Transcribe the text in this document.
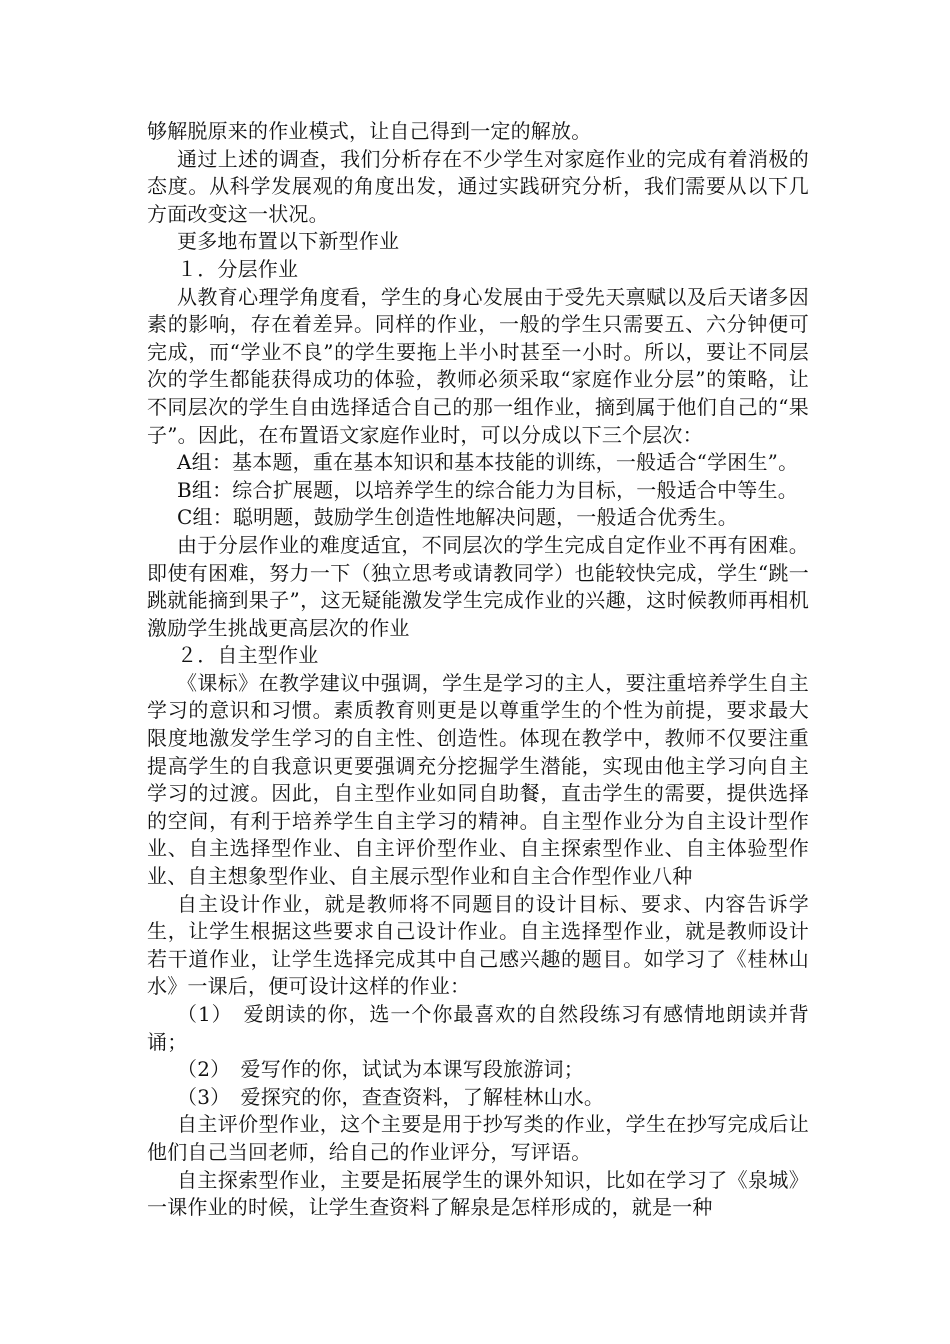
够解脱原来的作业模式，让自己得到一定的解放。

通过上述的调查，我们分析存在不少学生对家庭作业的完成有着消极的态度。从科学发展观的角度出发，通过实践研究分析，我们需要从以下几方面改变这一状况。

更多地布置以下新型作业

１．分层作业

从教育心理学角度看，学生的身心发展由于受先天禀赋以及后天诸多因素的影响，存在着差异。同样的作业，一般的学生只需要五、六分钟便可完成，而“学业不良”的学生要拖上半小时甚至一小时。所以，要让不同层次的学生都能获得成功的体验，教师必须采取“家庭作业分层”的策略，让不同层次的学生自由选择适合自己的那一组作业，摘到属于他们自己的“果子”。因此，在布置语文家庭作业时，可以分成以下三个层次：

A组：基本题，重在基本知识和基本技能的训练，一般适合“学困生”。

B组：综合扩展题，以培养学生的综合能力为目标，一般适合中等生。

C组：聪明题，鼓励学生创造性地解决问题，一般适合优秀生。

由于分层作业的难度适宜，不同层次的学生完成自定作业不再有困难。即使有困难，努力一下（独立思考或请教同学）也能较快完成，学生“跳一跳就能摘到果子”，这无疑能激发学生完成作业的兴趣，这时候教师再相机激励学生挑战更高层次的作业

２．自主型作业

《课标》在教学建议中强调，学生是学习的主人，要注重培养学生自主学习的意识和习惯。素质教育则更是以尊重学生的个性为前提，要求最大限度地激发学生学习的自主性、创造性。体现在教学中，教师不仅要注重提高学生的自我意识更要强调充分挖掘学生潜能，实现由他主学习向自主学习的过渡。因此，自主型作业如同自助餐，直击学生的需要，提供选择的空间，有利于培养学生自主学习的精神。自主型作业分为自主设计型作业、自主选择型作业、自主评价型作业、自主探索型作业、自主体验型作业、自主想象型作业、自主展示型作业和自主合作型作业八种

自主设计作业，就是教师将不同题目的设计目标、要求、内容告诉学生，让学生根据这些要求自己设计作业。自主选择型作业，就是教师设计若干道作业，让学生选择完成其中自己感兴趣的题目。如学习了《桂林山水》一课后，便可设计这样的作业：

（1）　爱朗读的你，选一个你最喜欢的自然段练习有感情地朗读并背诵；

（2）　爱写作的你，试试为本课写段旅游词；

（3）　爱探究的你，查查资料，了解桂林山水。

自主评价型作业，这个主要是用于抄写类的作业，学生在抄写完成后让他们自己当回老师，给自己的作业评分，写评语。

自主探索型作业，主要是拓展学生的课外知识，比如在学习了《泉城》一课作业的时候，让学生查资料了解泉是怎样形成的，就是一种
